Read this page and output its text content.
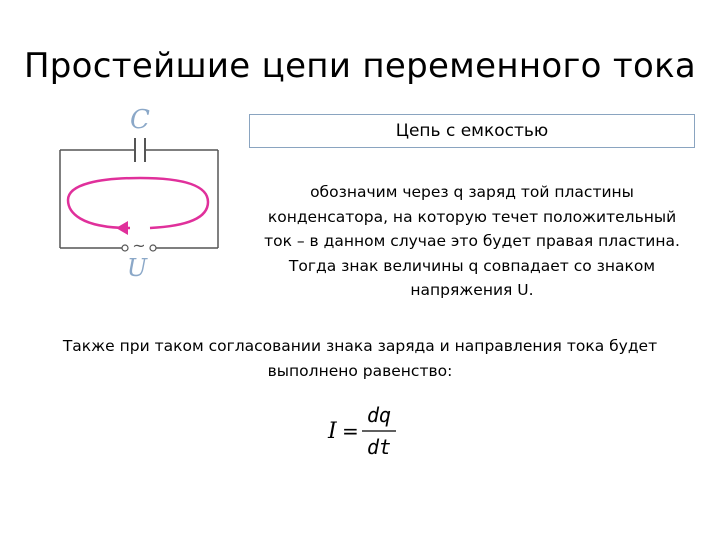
Простейшие цепи переменного тока
C
~
U
Цепь с емкостью
обозначим через q заряд той пластины конденсатора, на которую течет положительный ток – в данном случае это будет правая пластина. Тогда знак величины q совпадает со знаком напряжения U.
Также при таком согласовании знака заряда и направления тока будет выполнено равенство:
I =
dq
dt
